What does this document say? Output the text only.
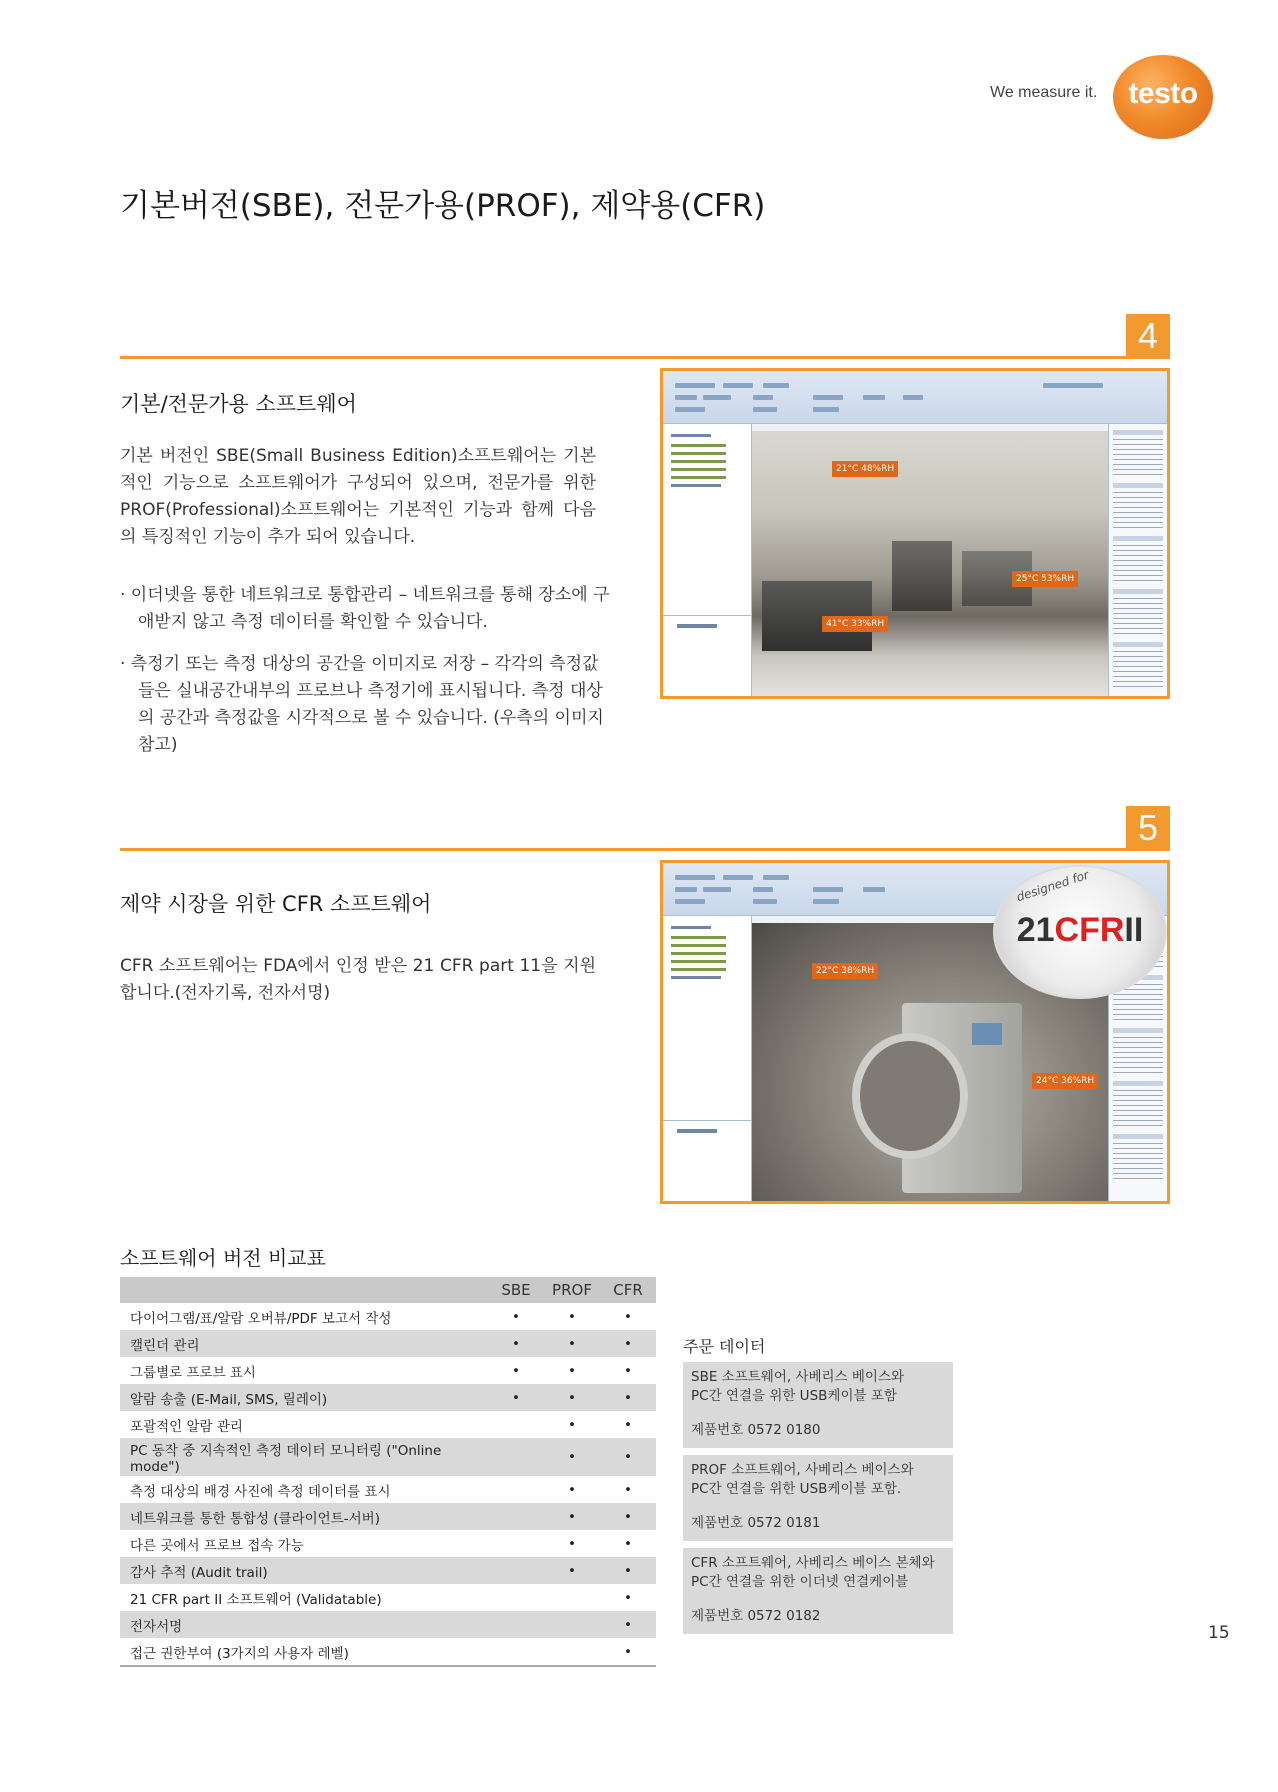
We measure it.	testo
기본버전(SBE), 전문가용(PROF), 제약용(CFR)
4
기본/전문가용 소프트웨어
기본 버전인 SBE(Small Business Edition)소프트웨어는 기본적인 기능으로 소프트웨어가 구성되어 있으며, 전문가를 위한 PROF(Professional)소프트웨어는 기본적인 기능과 함께 다음의 특징적인 기능이 추가 되어 있습니다.
· 이더넷을 통한 네트워크로 통합관리 – 네트워크를 통해 장소에 구애받지 않고 측정 데이터를 확인할 수 있습니다.
· 측정기 또는 측정 대상의 공간을 이미지로 저장 – 각각의 측정값들은 실내공간내부의 프로브나 측정기에 표시됩니다. 측정 대상의 공간과 측정값을 시각적으로 볼 수 있습니다. (우측의 이미지 참고)
21°C 48%RH
25°C 53%RH
41°C 33%RH
5
제약 시장을 위한 CFR 소프트웨어
CFR 소프트웨어는 FDA에서 인정 받은 21 CFR part 11을 지원합니다.(전자기록, 전자서명)
22°C 38%RH
24°C 36%RH
designed for
21CFRII
소프트웨어 버전 비교표
	SBE	PROF	CFR
다이어그램/표/알람 오버뷰/PDF 보고서 작성	•	•	•
캘린더 관리	•	•	•
그룹별로 프로브 표시	•	•	•
알람 송출 (E-Mail, SMS, 릴레이)	•	•	•
포괄적인 알람 관리		•	•
PC 동작 중 지속적인 측정 데이터 모니터링 ("Online mode")		•	•
측정 대상의 배경 사진에 측정 데이터를 표시		•	•
네트워크를 통한 통합성 (클라이언트-서버)		•	•
다른 곳에서 프로브 접속 가능		•	•
감사 추적 (Audit trail)		•	•
21 CFR part II 소프트웨어 (Validatable)			•
전자서명			•
접근 권한부여 (3가지의 사용자 레벨)			•
주문 데이터
SBE 소프트웨어, 사베리스 베이스와
PC간 연결을 위한 USB케이블 포함
제품번호 0572 0180
PROF 소프트웨어, 사베리스 베이스와
PC간 연결을 위한 USB케이블 포함.
제품번호 0572 0181
CFR 소프트웨어, 사베리스 베이스 본체와
PC간 연결을 위한 이더넷 연결케이블
제품번호 0572 0182
15
